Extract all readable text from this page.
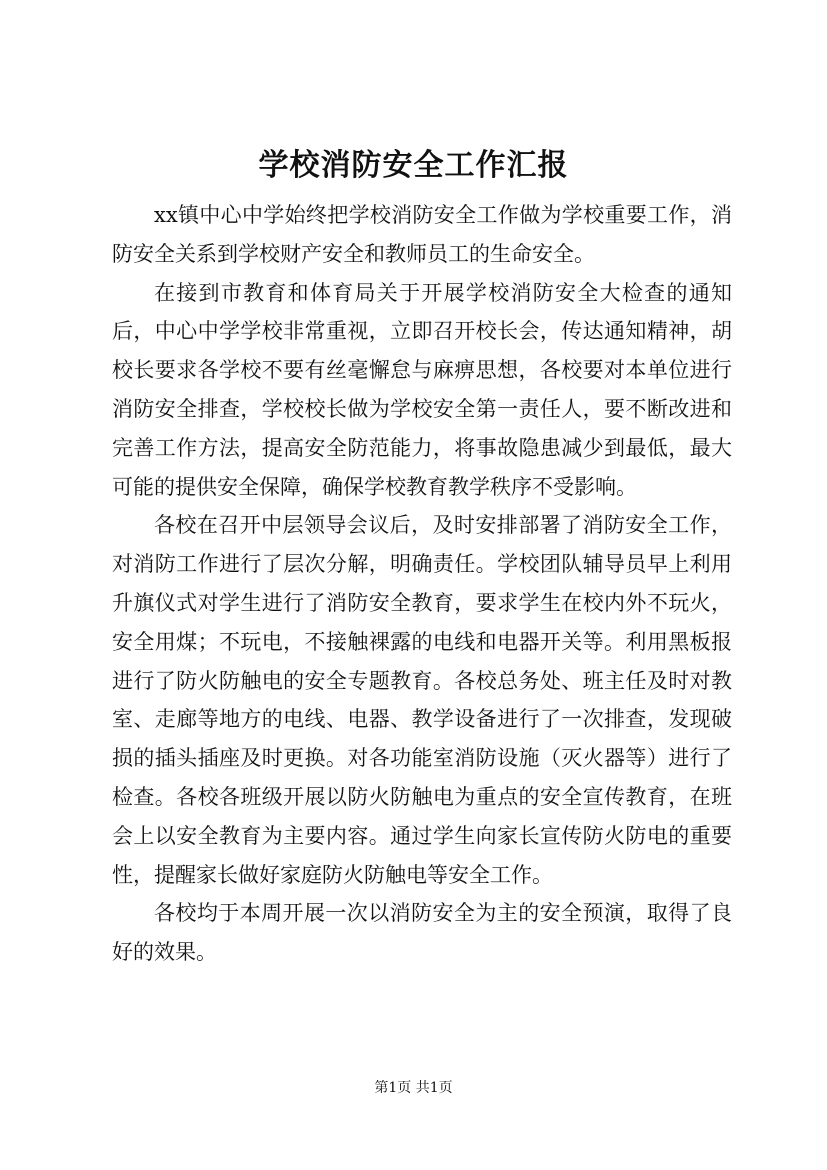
学校消防安全工作汇报

xx镇中心中学始终把学校消防安全工作做为学校重要工作，消防安全关系到学校财产安全和教师员工的生命安全。

在接到市教育和体育局关于开展学校消防安全大检查的通知后，中心中学学校非常重视，立即召开校长会，传达通知精神，胡校长要求各学校不要有丝毫懈怠与麻痹思想，各校要对本单位进行消防安全排查，学校校长做为学校安全第一责任人，要不断改进和完善工作方法，提高安全防范能力，将事故隐患减少到最低，最大可能的提供安全保障，确保学校教育教学秩序不受影响。

各校在召开中层领导会议后，及时安排部署了消防安全工作，对消防工作进行了层次分解，明确责任。学校团队辅导员早上利用升旗仪式对学生进行了消防安全教育，要求学生在校内外不玩火，安全用煤；不玩电，不接触裸露的电线和电器开关等。利用黑板报进行了防火防触电的安全专题教育。各校总务处、班主任及时对教室、走廊等地方的电线、电器、教学设备进行了一次排查，发现破损的插头插座及时更换。对各功能室消防设施（灭火器等）进行了检查。各校各班级开展以防火防触电为重点的安全宣传教育，在班会上以安全教育为主要内容。通过学生向家长宣传防火防电的重要性，提醒家长做好家庭防火防触电等安全工作。

各校均于本周开展一次以消防安全为主的安全预演，取得了良好的效果。

第1页 共1页
